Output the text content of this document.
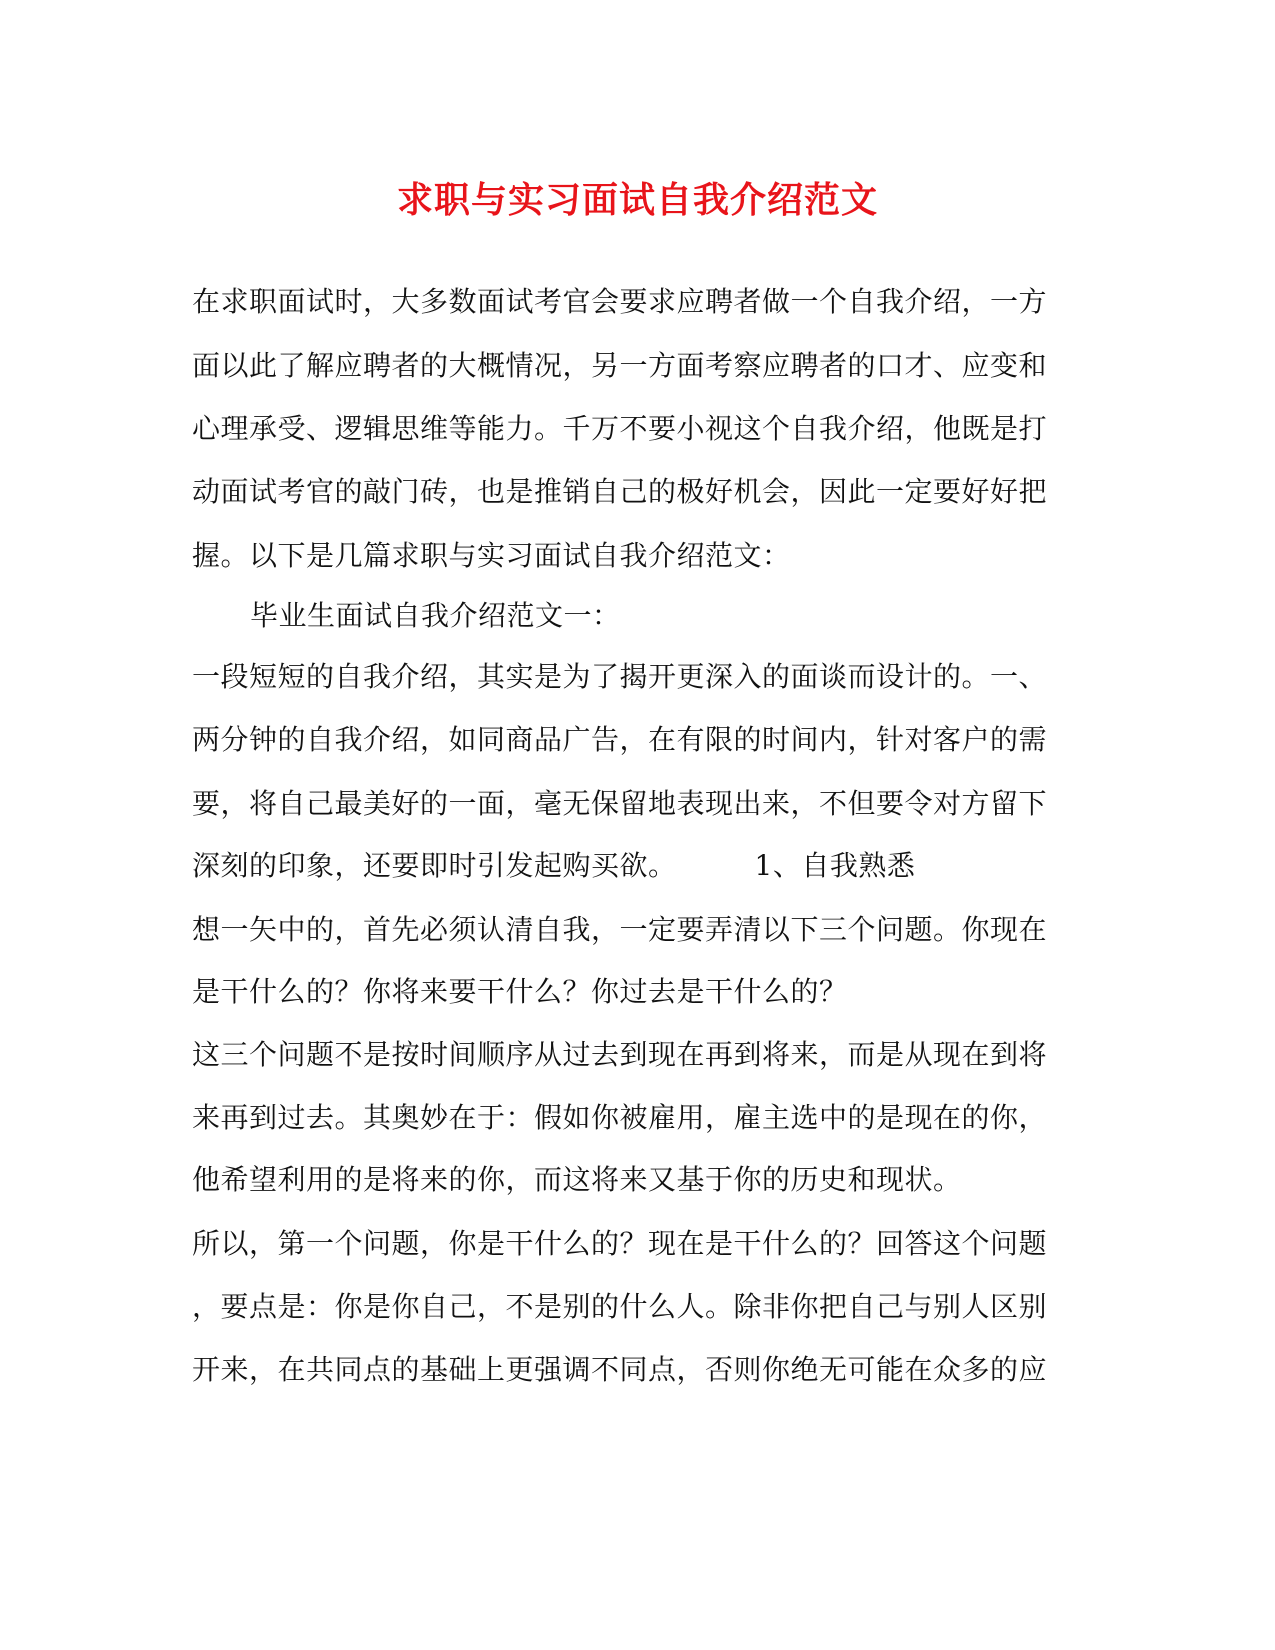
求职与实习面试自我介绍范文
在求职面试时，大多数面试考官会要求应聘者做一个自我介绍，一方
面以此了解应聘者的大概情况，另一方面考察应聘者的口才、应变和
心理承受、逻辑思维等能力。千万不要小视这个自我介绍，他既是打
动面试考官的敲门砖，也是推销自己的极好机会，因此一定要好好把
握。以下是几篇求职与实习面试自我介绍范文：
毕业生面试自我介绍范文一：
一段短短的自我介绍，其实是为了揭开更深入的面谈而设计的。一、
两分钟的自我介绍，如同商品广告，在有限的时间内，针对客户的需
要，将自己最美好的一面，毫无保留地表现出来，不但要令对方留下
深刻的印象，还要即时引发起购买欲。	1、自我熟悉
想一矢中的，首先必须认清自我，一定要弄清以下三个问题。你现在
是干什么的？你将来要干什么？你过去是干什么的？
这三个问题不是按时间顺序从过去到现在再到将来，而是从现在到将
来再到过去。其奥妙在于：假如你被雇用，雇主选中的是现在的你，
他希望利用的是将来的你，而这将来又基于你的历史和现状。
所以，第一个问题，你是干什么的？现在是干什么的？回答这个问题
，要点是：你是你自己，不是别的什么人。除非你把自己与别人区别
开来，在共同点的基础上更强调不同点，否则你绝无可能在众多的应
